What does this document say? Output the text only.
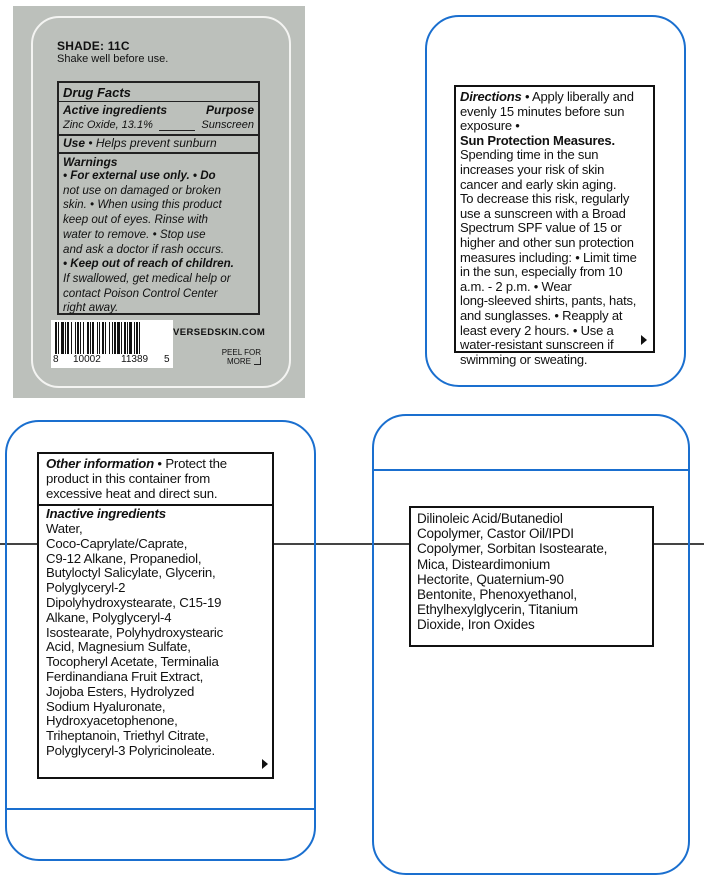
SHADE: 11C
Shake well before use.
Drug Facts
Active ingredients	Purpose
Zinc Oxide, 13.1%	Sunscreen
Use • Helps prevent sunburn
Warnings
• For external use only. • Do
not use on damaged or broken
skin. • When using this product
keep out of eyes. Rinse with
water to remove. • Stop use
and ask a doctor if rash occurs.
• Keep out of reach of children.
If swallowed, get medical help or
contact Poison Control Center
right away.
8 10002 11389 5
VERSEDSKIN.COM
PEEL FOR
MORE
Directions • Apply liberally and
evenly 15 minutes before sun
exposure •
Sun Protection Measures.
Spending time in the sun
increases your risk of skin
cancer and early skin aging.
To decrease this risk, regularly
use a sunscreen with a Broad
Spectrum SPF value of 15 or
higher and other sun protection
measures including: • Limit time
in the sun, especially from 10
a.m. - 2 p.m. • Wear
long-sleeved shirts, pants, hats,
and sunglasses. • Reapply at
least every 2 hours. • Use a
water-resistant sunscreen if
swimming or sweating.
Other information • Protect the
product in this container from
excessive heat and direct sun.
Inactive ingredients
Water,
Coco-Caprylate/Caprate,
C9-12 Alkane, Propanediol,
Butyloctyl Salicylate, Glycerin,
Polyglyceryl-2
Dipolyhydroxystearate, C15-19
Alkane, Polyglyceryl-4
Isostearate, Polyhydroxystearic
Acid, Magnesium Sulfate,
Tocopheryl Acetate, Terminalia
Ferdinandiana Fruit Extract,
Jojoba Esters, Hydrolyzed
Sodium Hyaluronate,
Hydroxyacetophenone,
Triheptanoin, Triethyl Citrate,
Polyglyceryl-3 Polyricinoleate.
Dilinoleic Acid/Butanediol
Copolymer, Castor Oil/IPDI
Copolymer, Sorbitan Isostearate,
Mica, Disteardimonium
Hectorite, Quaternium-90
Bentonite, Phenoxyethanol,
Ethylhexylglycerin, Titanium
Dioxide, Iron Oxides
